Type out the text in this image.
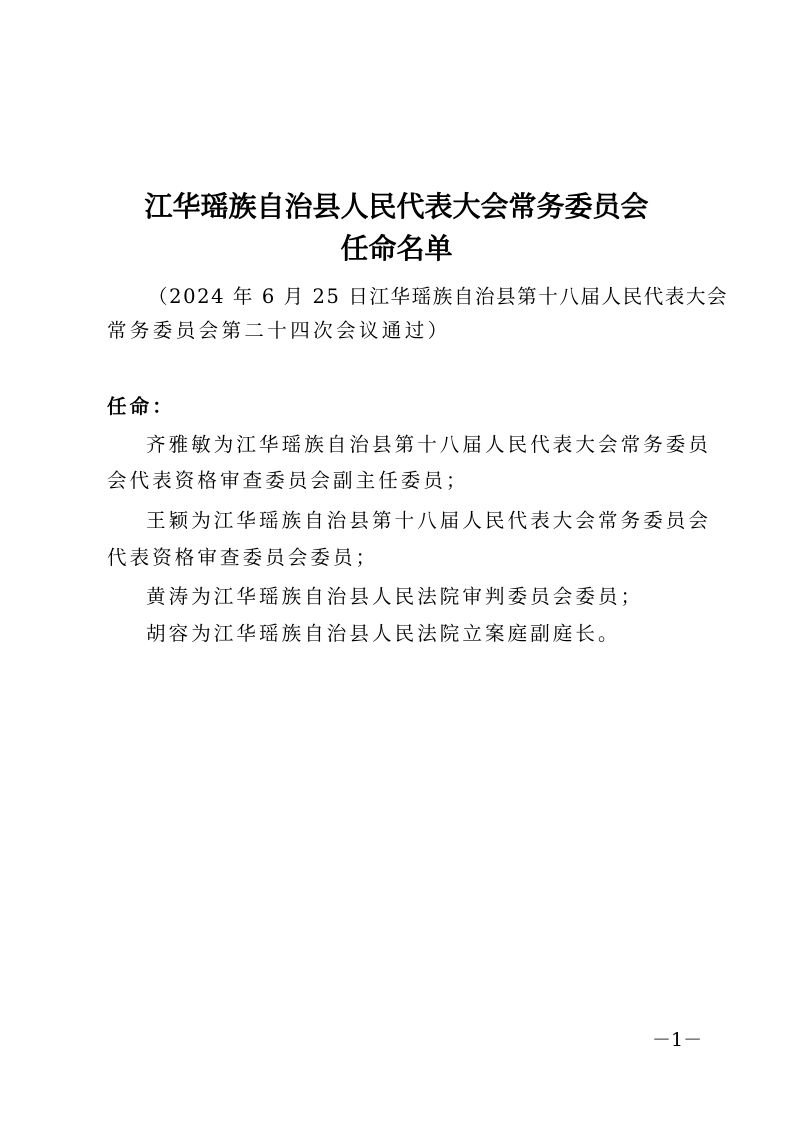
江华瑶族自治县人民代表大会常务委员会
任命名单
（2024 年 6 月 25 日江华瑶族自治县第十八届人民代表大会
常务委员会第二十四次会议通过）
任命：
齐雅敏为江华瑶族自治县第十八届人民代表大会常务委员
会代表资格审查委员会副主任委员；
王颖为江华瑶族自治县第十八届人民代表大会常务委员会
代表资格审查委员会委员；
黄涛为江华瑶族自治县人民法院审判委员会委员；
胡容为江华瑶族自治县人民法院立案庭副庭长。
－1－
